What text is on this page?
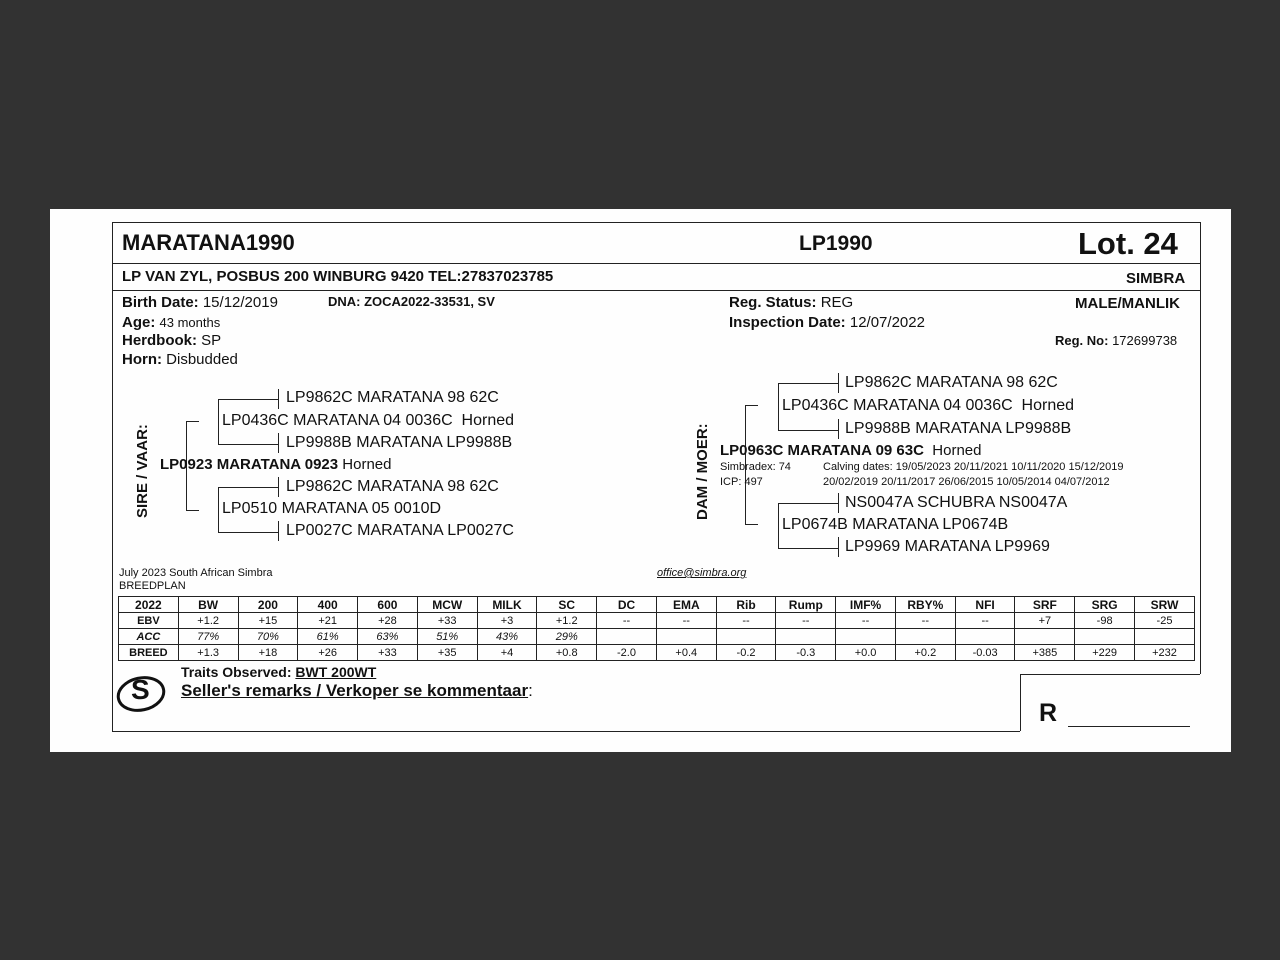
MARATANA1990	LP1990	Lot. 24
LP VAN ZYL, POSBUS 200 WINBURG 9420 TEL:27837023785	SIMBRA
Birth Date: 15/12/2019	DNA: ZOCA2022-33531, SV
Age: 43 months
Herdbook: SP
Horn: Disbudded
Reg. Status: REG
Inspection Date: 12/07/2022
MALE/MANLIK
Reg. No: 172699738
SIRE / VAAR:
LP9862C MARATANA 98 62C
LP0436C MARATANA 04 0036C Horned
LP9988B MARATANA LP9988B
LP0923 MARATANA 0923 Horned
LP9862C MARATANA 98 62C
LP0510 MARATANA 05 0010D
LP0027C MARATANA LP0027C
DAM / MOER:
LP9862C MARATANA 98 62C
LP0436C MARATANA 04 0036C Horned
LP9988B MARATANA LP9988B
LP0963C MARATANA 09 63C Horned
Simbradex: 74
ICP: 497
Calving dates: 19/05/2023 20/11/2021 10/11/2020 15/12/2019
20/02/2019 20/11/2017 26/06/2015 10/05/2014 04/07/2012
NS0047A SCHUBRA NS0047A
LP0674B MARATANA LP0674B
LP9969 MARATANA LP9969
July 2023 South African Simbra
BREEDPLAN
office@simbra.org
2022	BW	200	400	600	MCW	MILK	SC	DC	EMA	Rib	Rump	IMF%	RBY%	NFI	SRF	SRG	SRW
EBV	+1.2	+15	+21	+28	+33	+3	+1.2	--	--	--	--	--	--	--	+7	-98	-25
ACC	77%	70%	61%	63%	51%	43%	29%										
BREED	+1.3	+18	+26	+33	+35	+4	+0.8	-2.0	+0.4	-0.2	-0.3	+0.0	+0.2	-0.03	+385	+229	+232
S
Traits Observed: BWT 200WT
Seller's remarks / Verkoper se kommentaar:
R
